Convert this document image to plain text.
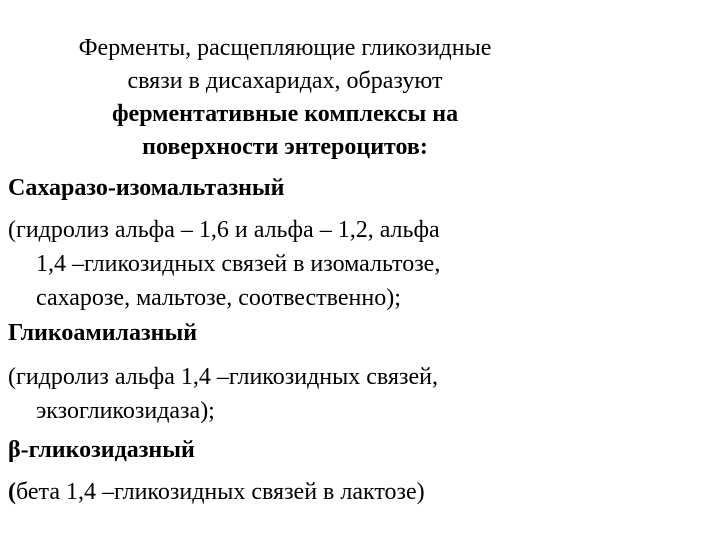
Ферменты, расщепляющие гликозидные
связи в дисахаридах, образуют
ферментативные комплексы на
поверхности энтероцитов:
Сахаразо-изомальтазный
(гидролиз альфа – 1,6 и альфа – 1,2, альфа
1,4 –гликозидных связей в изомальтозе,
сахарозе, мальтозе, соотвественно);
Гликоамилазный
(гидролиз альфа 1,4 –гликозидных связей,
экзогликозидаза);
β-гликозидазный
(бета 1,4 –гликозидных связей в лактозе)
